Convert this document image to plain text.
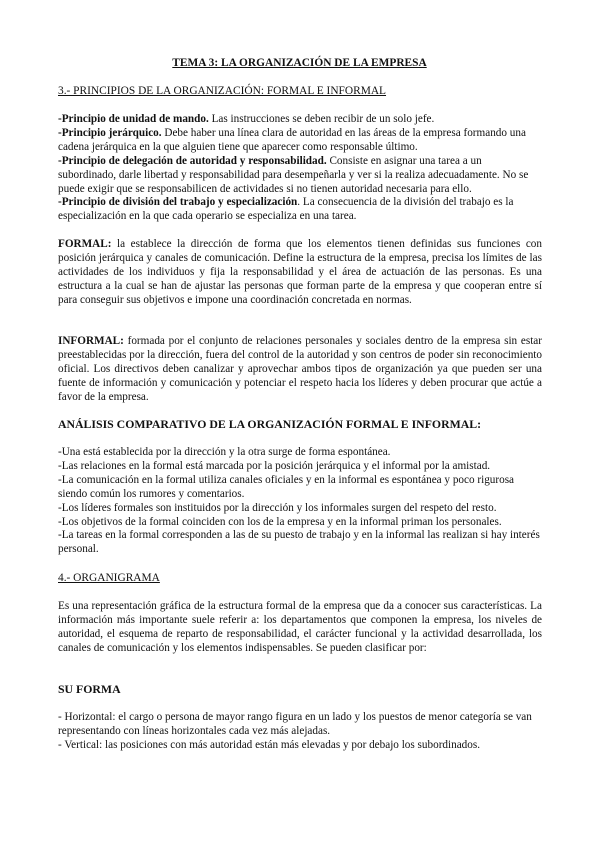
TEMA 3: LA ORGANIZACIÓN DE LA EMPRESA
3.- PRINCIPIOS DE LA ORGANIZACIÓN: FORMAL E INFORMAL

-Principio de unidad de mando. Las instrucciones se deben recibir de un solo jefe.

-Principio jerárquico. Debe haber una línea clara de autoridad en las áreas de la empresa formando una cadena jerárquica en la que alguien tiene que aparecer como responsable último.

-Principio de delegación de autoridad y responsabilidad. Consiste en asignar una tarea a un subordinado, darle libertad y responsabilidad para desempeñarla y ver si la realiza adecuadamente. No se puede exigir que se responsabilicen de actividades si no tienen autoridad necesaria para ello.

-Principio de división del trabajo y especialización. La consecuencia de la división del trabajo es la especialización en la que cada operario se especializa en una tarea.

FORMAL: la establece la dirección de forma que los elementos tienen definidas sus funciones con posición jerárquica y canales de comunicación. Define la estructura de la empresa, precisa los límites de las actividades de los individuos y fija la responsabilidad y el área de actuación de las personas. Es una estructura a la cual se han de ajustar las personas que forman parte de la empresa y que cooperan entre sí para conseguir sus objetivos e impone una coordinación concretada en normas.

INFORMAL: formada por el conjunto de relaciones personales y sociales dentro de la empresa sin estar preestablecidas por la dirección, fuera del control de la autoridad y son centros de poder sin reconocimiento oficial. Los directivos deben canalizar y aprovechar ambos tipos de organización ya que pueden ser una fuente de información y comunicación y potenciar el respeto hacia los líderes y deben procurar que actúe a favor de la empresa.

ANÁLISIS COMPARATIVO DE LA ORGANIZACIÓN FORMAL E INFORMAL:

-Una está establecida por la dirección y la otra surge de forma espontánea.

-Las relaciones en la formal está marcada por la posición jerárquica y el informal por la amistad.

-La comunicación en la formal utiliza canales oficiales y en la informal es espontánea y poco rigurosa siendo común los rumores y comentarios.

-Los líderes formales son instituidos por la dirección y los informales surgen del respeto del resto.

-Los objetivos de la formal coinciden con los de la empresa y en la informal priman los personales.

-La tareas en la formal corresponden a las de su puesto de trabajo y en la informal las realizan si hay interés personal.

4.- ORGANIGRAMA

Es una representación gráfica de la estructura formal de la empresa que da a conocer sus características. La información más importante suele referir a: los departamentos que componen la empresa, los niveles de autoridad, el esquema de reparto de responsabilidad, el carácter funcional y la actividad desarrollada, los canales de comunicación y los elementos indispensables. Se pueden clasificar por:

SU FORMA

- Horizontal: el cargo o persona de mayor rango figura en un lado y los puestos de menor categoría se van representando con líneas horizontales cada vez más alejadas.

- Vertical: las posiciones con más autoridad están más elevadas y por debajo los subordinados.
